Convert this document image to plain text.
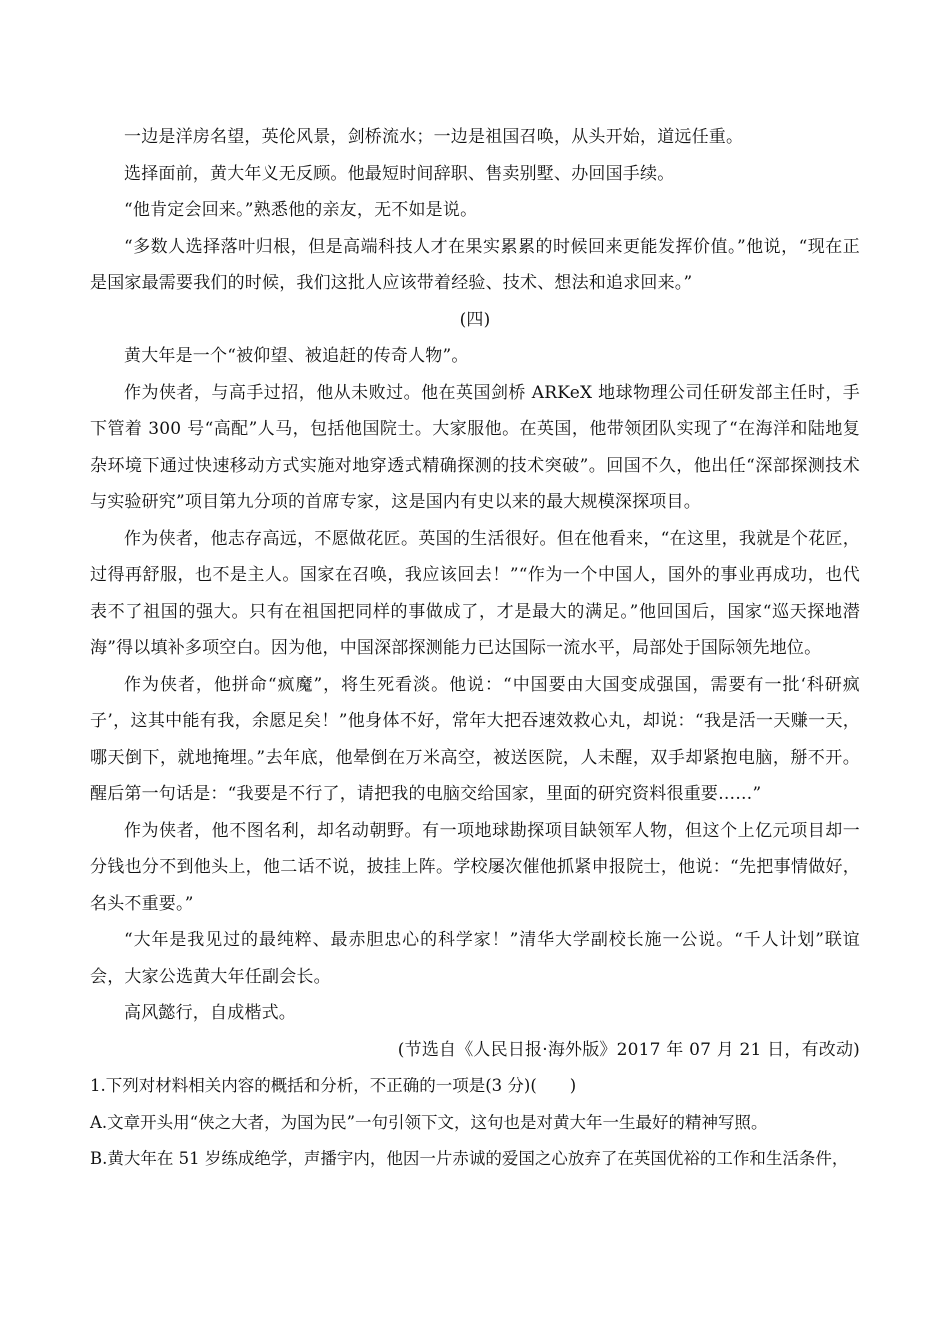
一边是洋房名望，英伦风景，剑桥流水；一边是祖国召唤，从头开始，道远任重。

选择面前，黄大年义无反顾。他最短时间辞职、售卖别墅、办回国手续。

“他肯定会回来。”熟悉他的亲友，无不如是说。

“多数人选择落叶归根，但是高端科技人才在果实累累的时候回来更能发挥价值。”他说，“现在正是国家最需要我们的时候，我们这批人应该带着经验、技术、想法和追求回来。”

(四)

黄大年是一个“被仰望、被追赶的传奇人物”。

作为侠者，与高手过招，他从未败过。他在英国剑桥 ARKeX 地球物理公司任研发部主任时，手下管着 300 号“高配”人马，包括他国院士。大家服他。在英国，他带领团队实现了“在海洋和陆地复杂环境下通过快速移动方式实施对地穿透式精确探测的技术突破”。回国不久，他出任“深部探测技术与实验研究”项目第九分项的首席专家，这是国内有史以来的最大规模深探项目。

作为侠者，他志存高远，不愿做花匠。英国的生活很好。但在他看来，“在这里，我就是个花匠，过得再舒服，也不是主人。国家在召唤，我应该回去！”“作为一个中国人，国外的事业再成功，也代表不了祖国的强大。只有在祖国把同样的事做成了，才是最大的满足。”他回国后，国家“巡天探地潜海”得以填补多项空白。因为他，中国深部探测能力已达国际一流水平，局部处于国际领先地位。

作为侠者，他拼命“疯魔”，将生死看淡。他说：“中国要由大国变成强国，需要有一批‘科研疯子’，这其中能有我，余愿足矣！”他身体不好，常年大把吞速效救心丸，却说：“我是活一天赚一天，哪天倒下，就地掩埋。”去年底，他晕倒在万米高空，被送医院，人未醒，双手却紧抱电脑，掰不开。醒后第一句话是：“我要是不行了，请把我的电脑交给国家，里面的研究资料很重要……”

作为侠者，他不图名利，却名动朝野。有一项地球勘探项目缺领军人物，但这个上亿元项目却一分钱也分不到他头上，他二话不说，披挂上阵。学校屡次催他抓紧申报院士，他说：“先把事情做好，名头不重要。”

“大年是我见过的最纯粹、最赤胆忠心的科学家！”清华大学副校长施一公说。“千人计划”联谊会，大家公选黄大年任副会长。

高风懿行，自成楷式。

(节选自《人民日报·海外版》2017 年 07 月 21 日，有改动)

1.下列对材料相关内容的概括和分析，不正确的一项是(3 分)(　　)

A.文章开头用“侠之大者，为国为民”一句引领下文，这句也是对黄大年一生最好的精神写照。

B.黄大年在 51 岁练成绝学，声播宇内，他因一片赤诚的爱国之心放弃了在英国优裕的工作和生活条件，
